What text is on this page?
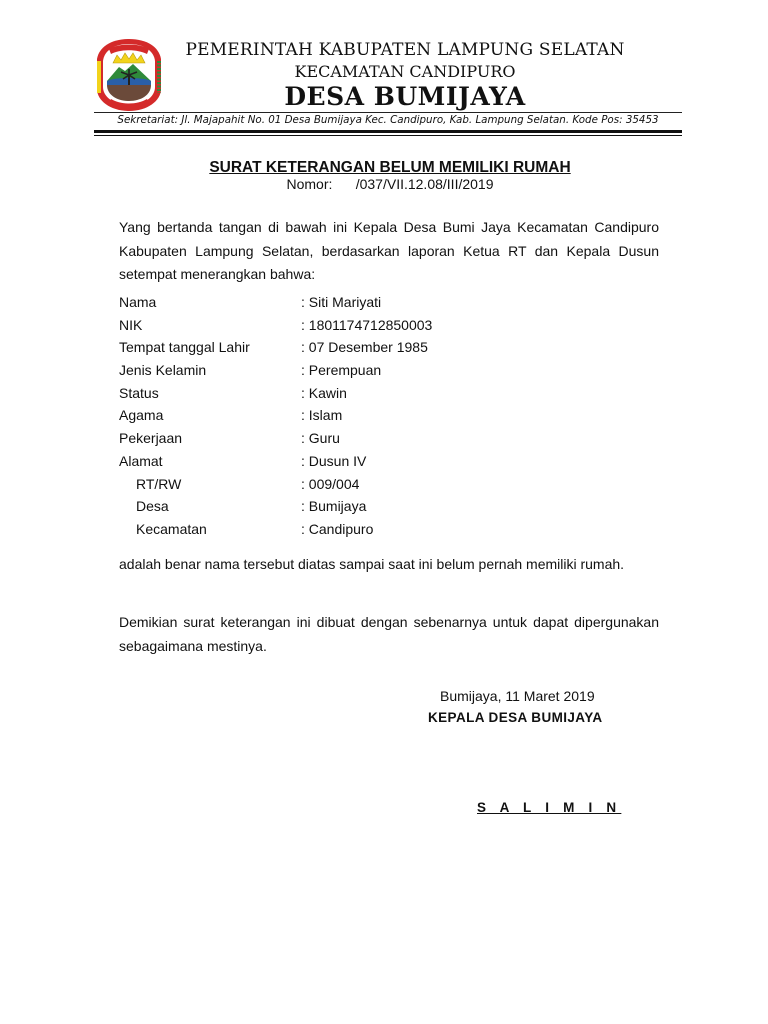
PEMERINTAH KABUPATEN LAMPUNG SELATAN
KECAMATAN CANDIPURO
DESA BUMIJAYA
Sekretariat: Jl. Majapahit No. 01 Desa Bumijaya Kec. Candipuro, Kab. Lampung Selatan. Kode Pos: 35453
SURAT KETERANGAN BELUM MEMILIKI RUMAH
Nomor:      /037/VII.12.08/III/2019
Yang bertanda tangan di bawah ini Kepala Desa Bumi Jaya Kecamatan Candipuro Kabupaten Lampung Selatan, berdasarkan laporan Ketua RT dan Kepala Dusun setempat menerangkan bahwa:
Nama	: Siti Mariyati
NIK	: 1801174712850003
Tempat tanggal Lahir	: 07 Desember 1985
Jenis Kelamin	: Perempuan
Status	: Kawin
Agama	: Islam
Pekerjaan	: Guru
Alamat	: Dusun IV
RT/RW	: 009/004
Desa	: Bumijaya
Kecamatan	: Candipuro
adalah benar nama tersebut diatas sampai saat ini belum pernah memiliki rumah.
Demikian surat keterangan ini dibuat dengan sebenarnya untuk dapat dipergunakan sebagaimana mestinya.
Bumijaya, 11 Maret 2019
KEPALA DESA BUMIJAYA
S A L I M I N
